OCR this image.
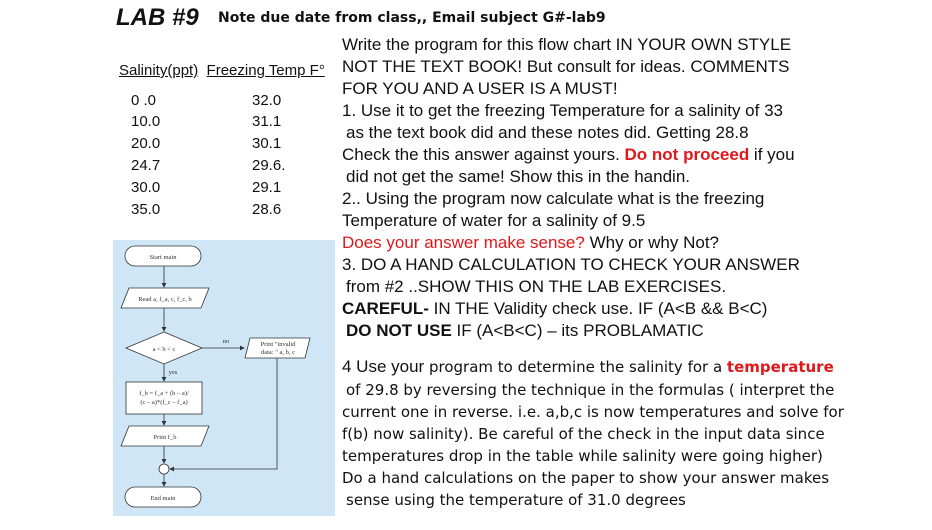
LAB #9 Note due date from class,, Email subject G#-lab9
Salinity(ppt) Freezing Temp F°
0 .0	32.0
10.0	31.1
20.0	30.1
24.7	29.6.
30.0	29.1
35.0	28.6
Start main
Read a, f_a, c, f_c, b
a < b < c
no
yes
Print "invalid
data: " a, b, c
f_b = f_a + (b – a)/
(c – a)*(f_c – f_a)
Print f_b
End main
Write the program for this flow chart IN YOUR OWN STYLE
NOT THE TEXT BOOK! But consult for ideas. COMMENTS
FOR YOU AND A USER IS A MUST!
1. Use it to get the freezing Temperature for a salinity of 33
as the text book did and these notes did. Getting 28.8
Check the this answer against yours. Do not proceed if you
did not get the same! Show this in the handin.
2.. Using the program now calculate what is the freezing
Temperature of water for a salinity of 9.5
Does your answer make sense? Why or why Not?
3. DO A HAND CALCULATION TO CHECK YOUR ANSWER
from #2 ..SHOW THIS ON THE LAB EXERCISES.
CAREFUL- IN THE Validity check use. IF (A<B && B<C)
DO NOT USE IF (A<B<C) – its PROBLAMATIC
4 Use your program to determine the salinity for a temperature
of 29.8 by reversing the technique in the formulas ( interpret the
current one in reverse. i.e. a,b,c is now temperatures and solve for
f(b) now salinity). Be careful of the check in the input data since
temperatures drop in the table while salinity were going higher)
Do a hand calculations on the paper to show your answer makes
sense using the temperature of 31.0 degrees
